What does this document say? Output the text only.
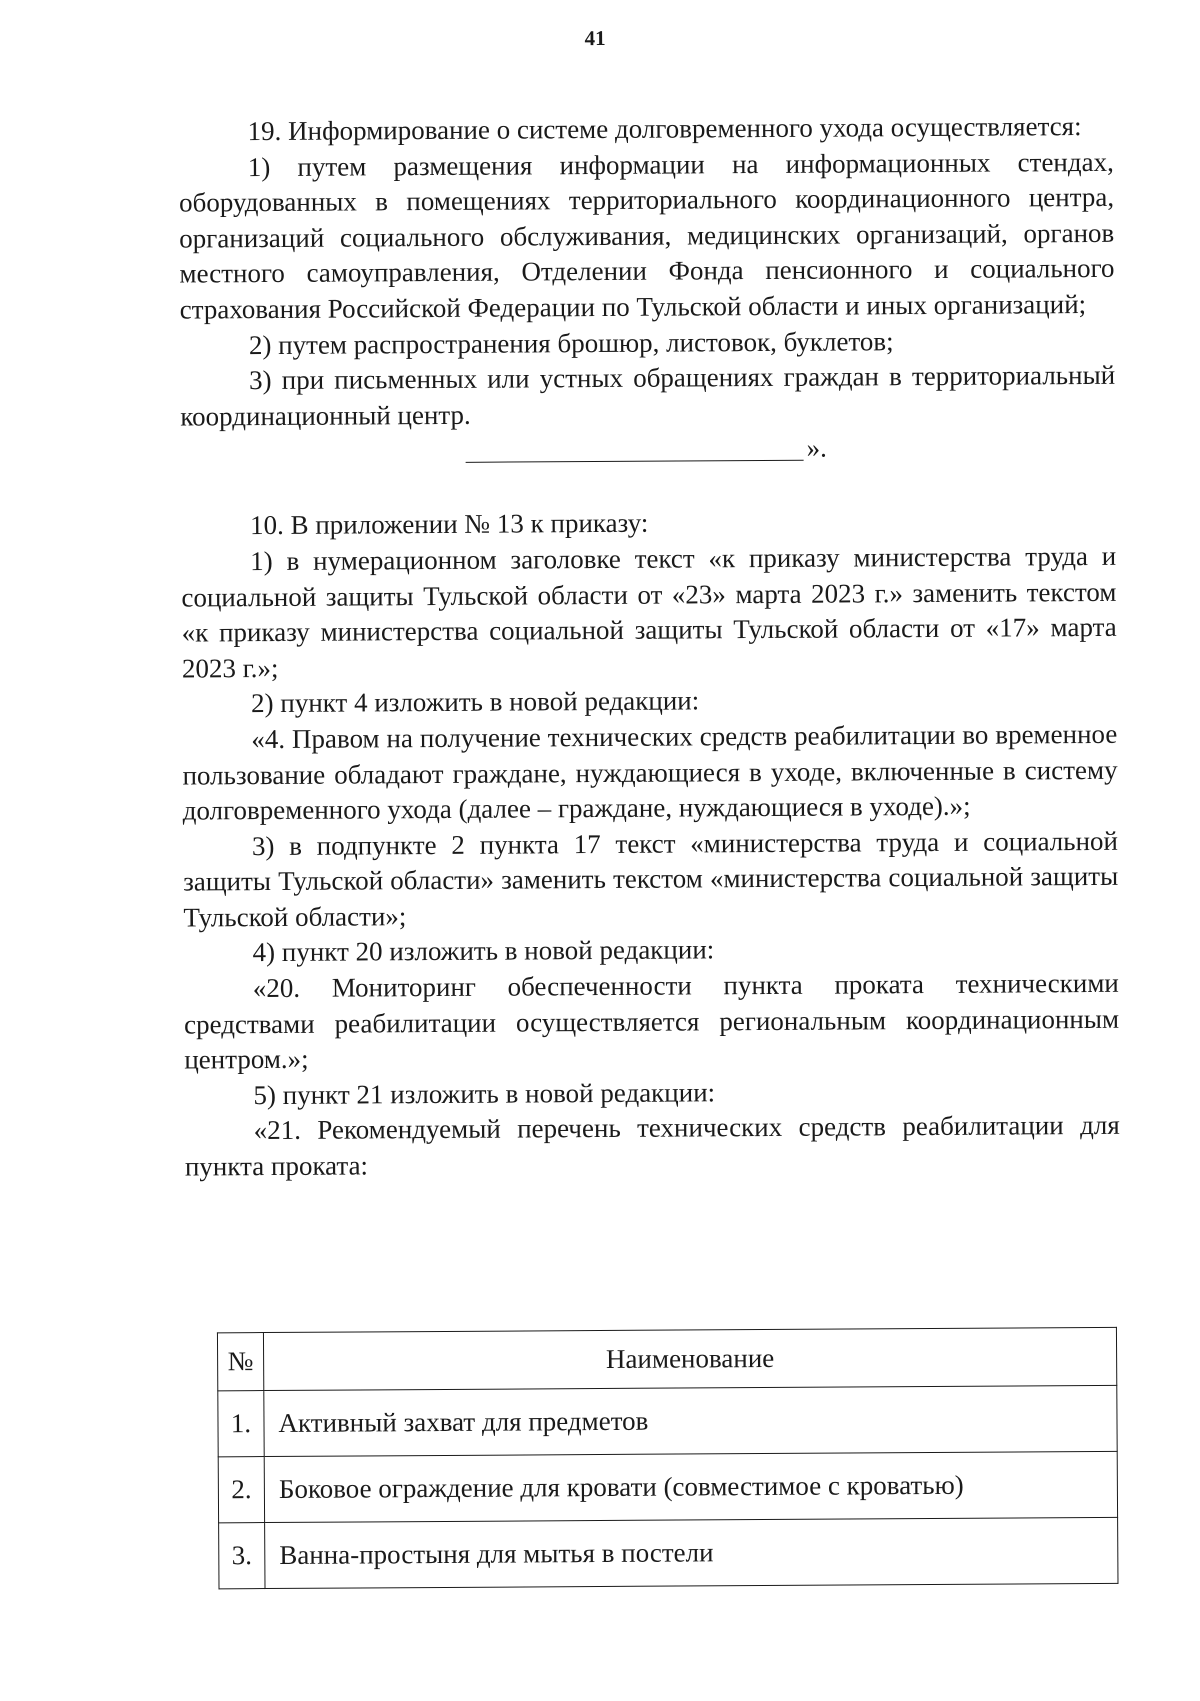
41

19. Информирование о системе долговременного ухода осуществляется:

1) путем размещения информации на информационных стендах, оборудованных в помещениях территориального координационного центра, организаций социального обслуживания, медицинских организаций, органов местного самоуправления, Отделении Фонда пенсионного и социального страхования Российской Федерации по Тульской области и иных организаций;

2) путем распространения брошюр, листовок, буклетов;

3) при письменных или устных обращениях граждан в территориальный координационный центр.

».

10. В приложении № 13 к приказу:

1) в нумерационном заголовке текст «к приказу министерства труда и социальной защиты Тульской области от «23» марта 2023 г.» заменить текстом «к приказу министерства социальной защиты Тульской области от «17» марта 2023 г.»;

2) пункт 4 изложить в новой редакции:

«4. Правом на получение технических средств реабилитации во временное пользование обладают граждане, нуждающиеся в уходе, включенные в систему долговременного ухода (далее – граждане, нуждающиеся в уходе).»;

3) в подпункте 2 пункта 17 текст «министерства труда и социальной защиты Тульской области» заменить текстом «министерства социальной защиты Тульской области»;

4) пункт 20 изложить в новой редакции:

«20. Мониторинг обеспеченности пункта проката техническими средствами реабилитации осуществляется региональным координационным центром.»;

5) пункт 21 изложить в новой редакции:

«21. Рекомендуемый перечень технических средств реабилитации для пункта проката:

№	Наименование
1.	Активный захват для предметов
2.	Боковое ограждение для кровати (совместимое с кроватью)
3.	Ванна-простыня для мытья в постели
